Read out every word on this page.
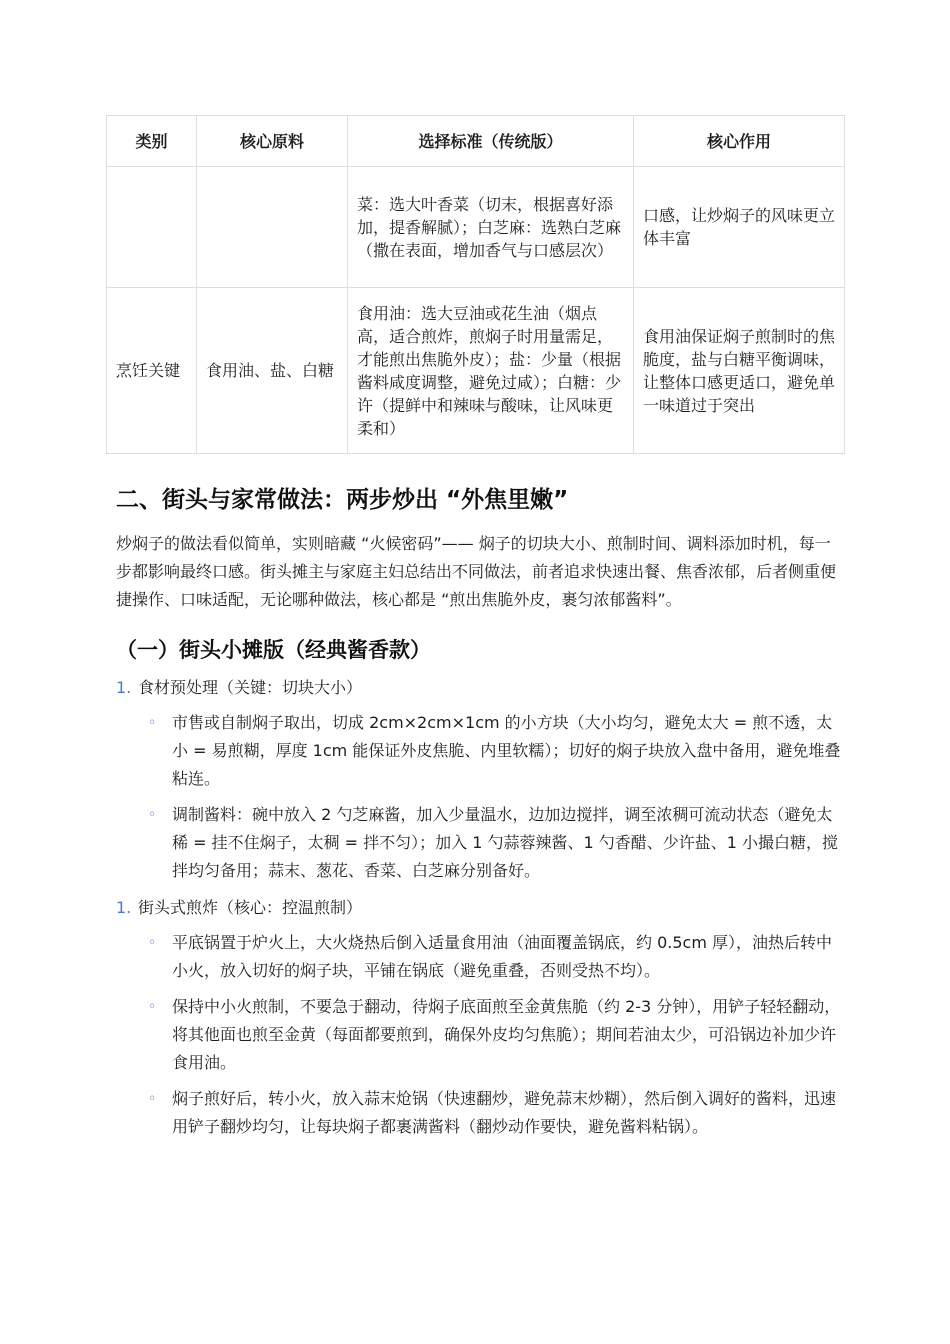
类别	核心原料	选择标准（传统版）	核心作用
		菜：选大叶香菜（切末，根据喜好添加，提香解腻）；白芝麻：选熟白芝麻（撒在表面，增加香气与口感层次）	口感，让炒焖子的风味更立体丰富
烹饪关键	食用油、盐、白糖	食用油：选大豆油或花生油（烟点高，适合煎炸，煎焖子时用量需足，才能煎出焦脆外皮）；盐：少量（根据酱料咸度调整，避免过咸）；白糖：少许（提鲜中和辣味与酸味，让风味更柔和）	食用油保证焖子煎制时的焦脆度，盐与白糖平衡调味，让整体口感更适口，避免单一味道过于突出
二、街头与家常做法：两步炒出 “外焦里嫩”

炒焖子的做法看似简单，实则暗藏 “火候密码”—— 焖子的切块大小、煎制时间、调料添加时机，每一步都影响最终口感。街头摊主与家庭主妇总结出不同做法，前者追求快速出餐、焦香浓郁，后者侧重便捷操作、口味适配，无论哪种做法，核心都是 “煎出焦脆外皮，裹匀浓郁酱料”。

（一）街头小摊版（经典酱香款）
1. 食材预处理（关键：切块大小）
◦ 市售或自制焖子取出，切成 2cm×2cm×1cm 的小方块（大小均匀，避免太大 = 煎不透，太小 = 易煎糊，厚度 1cm 能保证外皮焦脆、内里软糯）；切好的焖子块放入盘中备用，避免堆叠粘连。
◦ 调制酱料：碗中放入 2 勺芝麻酱，加入少量温水，边加边搅拌，调至浓稠可流动状态（避免太稀 = 挂不住焖子，太稠 = 拌不匀）；加入 1 勺蒜蓉辣酱、1 勺香醋、少许盐、1 小撮白糖，搅拌均匀备用；蒜末、葱花、香菜、白芝麻分别备好。
1. 街头式煎炸（核心：控温煎制）
◦ 平底锅置于炉火上，大火烧热后倒入适量食用油（油面覆盖锅底，约 0.5cm 厚），油热后转中小火，放入切好的焖子块，平铺在锅底（避免重叠，否则受热不均）。
◦ 保持中小火煎制，不要急于翻动，待焖子底面煎至金黄焦脆（约 2-3 分钟），用铲子轻轻翻动，将其他面也煎至金黄（每面都要煎到，确保外皮均匀焦脆）；期间若油太少，可沿锅边补加少许食用油。
◦ 焖子煎好后，转小火，放入蒜末炝锅（快速翻炒，避免蒜末炒糊），然后倒入调好的酱料，迅速用铲子翻炒均匀，让每块焖子都裹满酱料（翻炒动作要快，避免酱料粘锅）。
